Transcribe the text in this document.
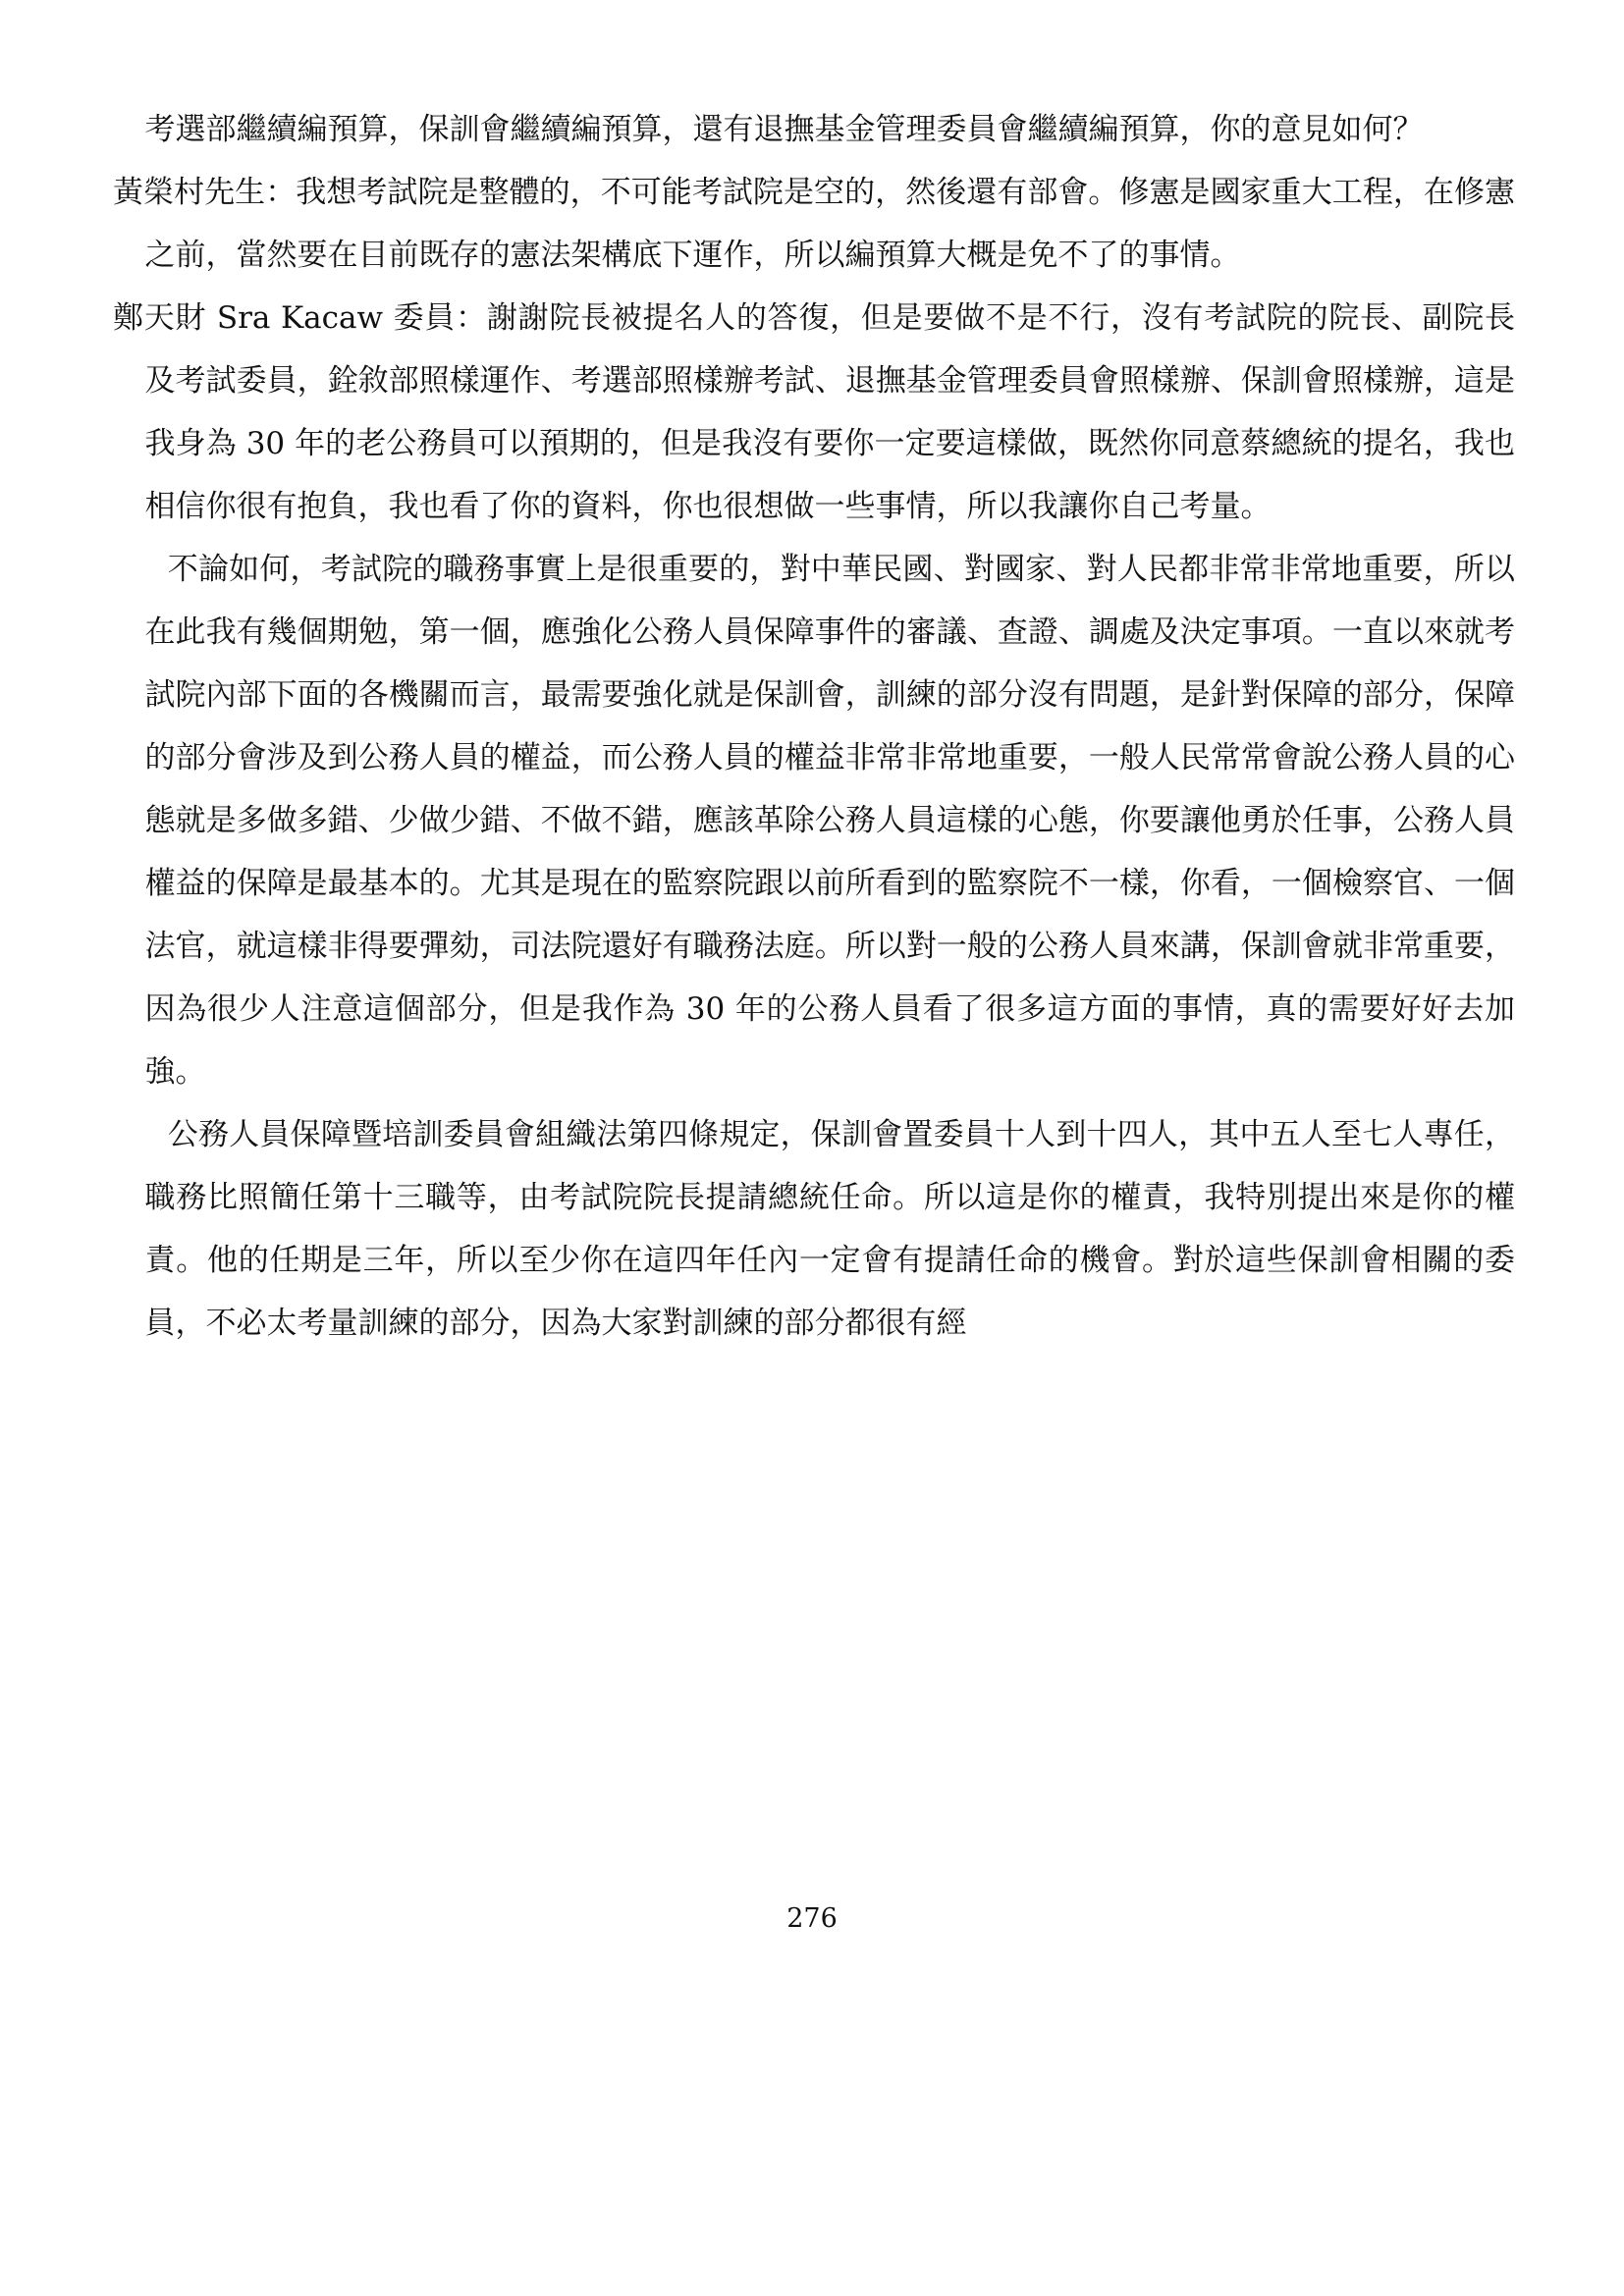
考選部繼續編預算，保訓會繼續編預算，還有退撫基金管理委員會繼續編預算，你的意見如何？

黃榮村先生：我想考試院是整體的，不可能考試院是空的，然後還有部會。修憲是國家重大工程，在修憲之前，當然要在目前既存的憲法架構底下運作，所以編預算大概是免不了的事情。

鄭天財 Sra Kacaw 委員：謝謝院長被提名人的答復，但是要做不是不行，沒有考試院的院長、副院長及考試委員，銓敘部照樣運作、考選部照樣辦考試、退撫基金管理委員會照樣辦、保訓會照樣辦，這是我身為 30 年的老公務員可以預期的，但是我沒有要你一定要這樣做，既然你同意蔡總統的提名，我也相信你很有抱負，我也看了你的資料，你也很想做一些事情，所以我讓你自己考量。

不論如何，考試院的職務事實上是很重要的，對中華民國、對國家、對人民都非常非常地重要，所以在此我有幾個期勉，第一個，應強化公務人員保障事件的審議、查證、調處及決定事項。一直以來就考試院內部下面的各機關而言，最需要強化就是保訓會，訓練的部分沒有問題，是針對保障的部分，保障的部分會涉及到公務人員的權益，而公務人員的權益非常非常地重要，一般人民常常會說公務人員的心態就是多做多錯、少做少錯、不做不錯，應該革除公務人員這樣的心態，你要讓他勇於任事，公務人員權益的保障是最基本的。尤其是現在的監察院跟以前所看到的監察院不一樣，你看，一個檢察官、一個法官，就這樣非得要彈劾，司法院還好有職務法庭。所以對一般的公務人員來講，保訓會就非常重要，因為很少人注意這個部分，但是我作為 30 年的公務人員看了很多這方面的事情，真的需要好好去加強。

公務人員保障暨培訓委員會組織法第四條規定，保訓會置委員十人到十四人，其中五人至七人專任，職務比照簡任第十三職等，由考試院院長提請總統任命。所以這是你的權責，我特別提出來是你的權責。他的任期是三年，所以至少你在這四年任內一定會有提請任命的機會。對於這些保訓會相關的委員，不必太考量訓練的部分，因為大家對訓練的部分都很有經

276
